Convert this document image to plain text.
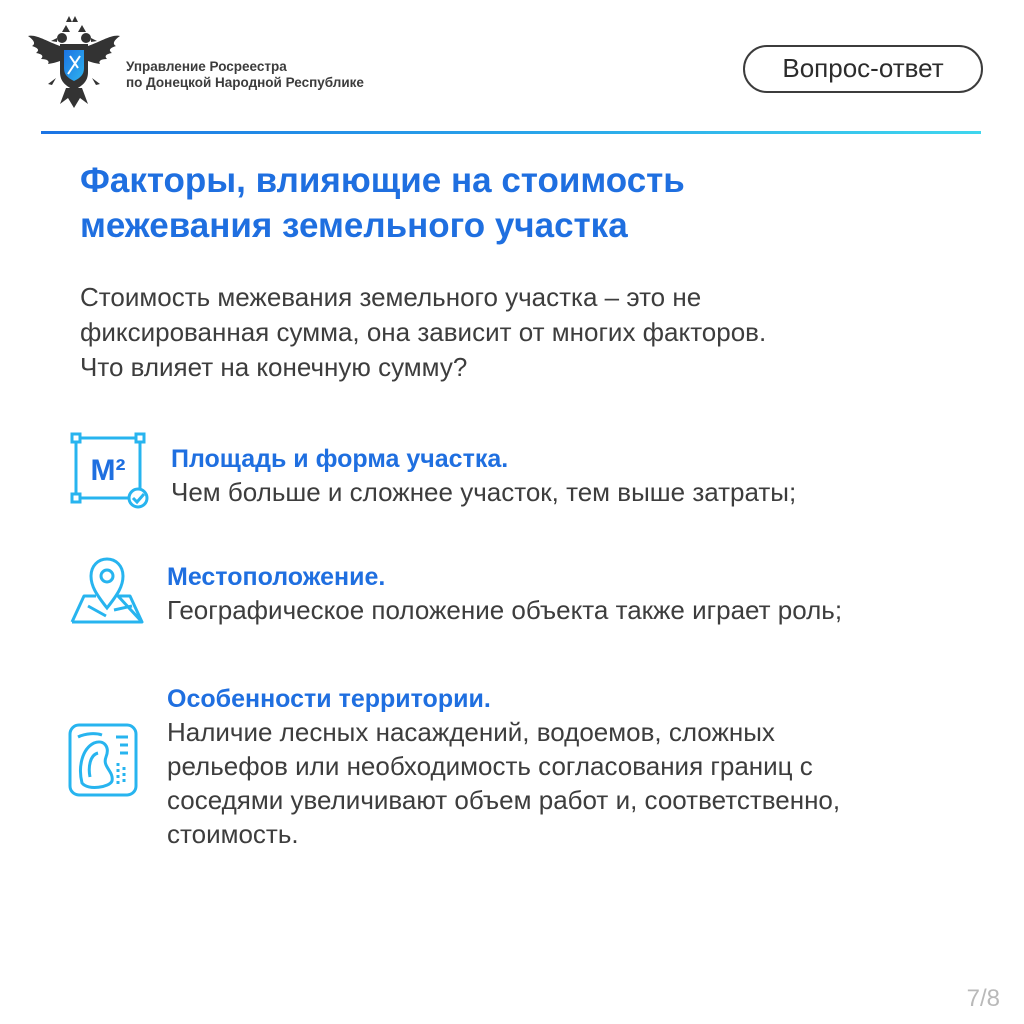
Управление Росреестра
по Донецкой Народной Республике	Вопрос-ответ
Факторы, влияющие на стоимость
межевания земельного участка
Стоимость межевания земельного участка – это не
фиксированная сумма, она зависит от многих факторов.
Что влияет на конечную сумму?
M² Площадь и форма участка.
Чем больше и сложнее участок, тем выше затраты;
Местоположение.
Географическое положение объекта также играет роль;
Особенности территории.
Наличие лесных насаждений, водоемов, сложных
рельефов или необходимость согласования границ с
соседями увеличивают объем работ и, соответственно,
стоимость.
7/8
